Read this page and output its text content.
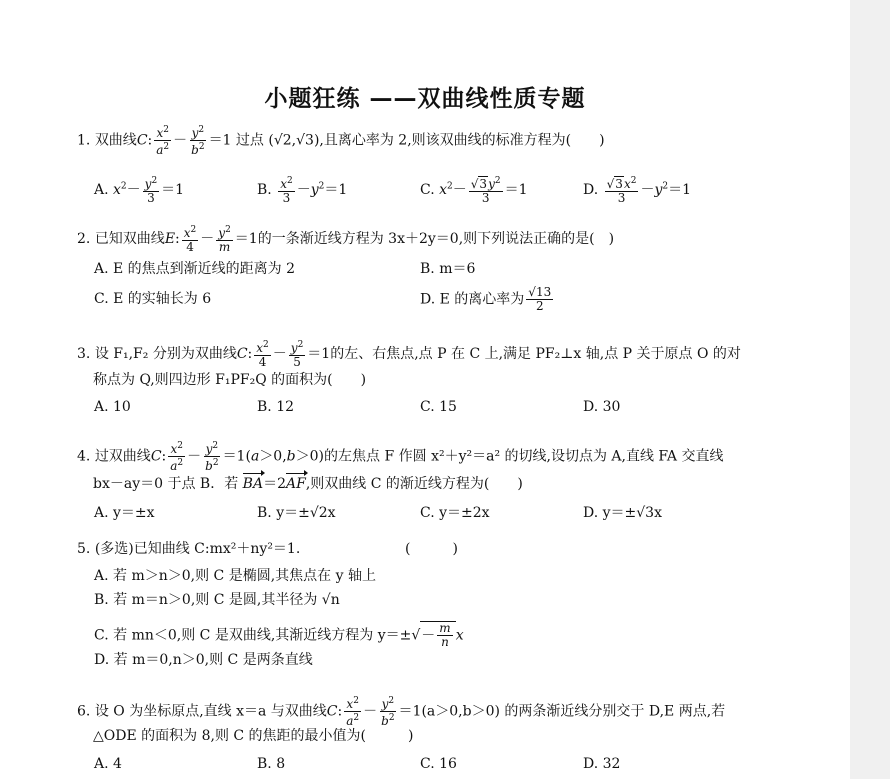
小题狂练 ——双曲线性质专题
1. 双曲线C: $\frac{x^2}{a^2} - \frac{y^2}{b^2} =1$ 过点 (√2,√3),且离心率为 2,则该双曲线的标准方程为(　　)
A. $x^2- \frac{y^2}{3} =1$	B. $\frac{x^2}{3} -y^2=1$	C. $x^2- \frac{√3y^2}{3} =1$	D. $\frac{√3x^2}{3} -y^2=1$
2. 已知双曲线E: $\frac{x^2}{4} - \frac{y^2}{m} =1$的一条渐近线方程为 3x＋2y＝0,则下列说法正确的是(　)
A. E 的焦点到渐近线的距离为 2	B. m＝6
C. E 的实轴长为 6	D. E 的离心率为 $\frac{√13}{2}$
3. 设 F₁,F₂ 分别为双曲线C: $\frac{x^2}{4} - \frac{y^2}{5} =1$的左、右焦点,点 P 在 C 上,满足 PF₂⊥x 轴,点 P 关于原点 O 的对
称点为 Q,则四边形 F₁PF₂Q 的面积为(　　)
A. 10	B. 12	C. 15	D. 30
4. 过双曲线C: $\frac{x^2}{a^2} - \frac{y^2}{b^2} =1(a>0,b>0)$的左焦点 F 作圆 x²＋y²＝a² 的切线,设切点为 A,直线 FA 交直线
bx－ay＝0 于点 B．若 BA＝2AF,则双曲线 C 的渐近线方程为(　　)
A. y＝±x	B. y＝±√2x	C. y＝±2x	D. y＝±√3x
5. (多选)已知曲线 C:mx²＋ny²＝1.	(　　　)
A. 若 m＞n＞0,则 C 是椭圆,其焦点在 y 轴上
B. 若 m＝n＞0,则 C 是圆,其半径为 √n
C. 若 mn＜0,则 C 是双曲线,其渐近线方程为 y＝±√－ m
n x
D. 若 m＝0,n＞0,则 C 是两条直线
6. 设 O 为坐标原点,直线 x＝a 与双曲线C: $\frac{x^2}{a^2} - \frac{y^2}{b^2} =1(a>0,b>0)$ 的两条渐近线分别交于 D,E 两点,若
△ODE 的面积为 8,则 C 的焦距的最小值为(　　　)
A. 4	B. 8	C. 16	D. 32
